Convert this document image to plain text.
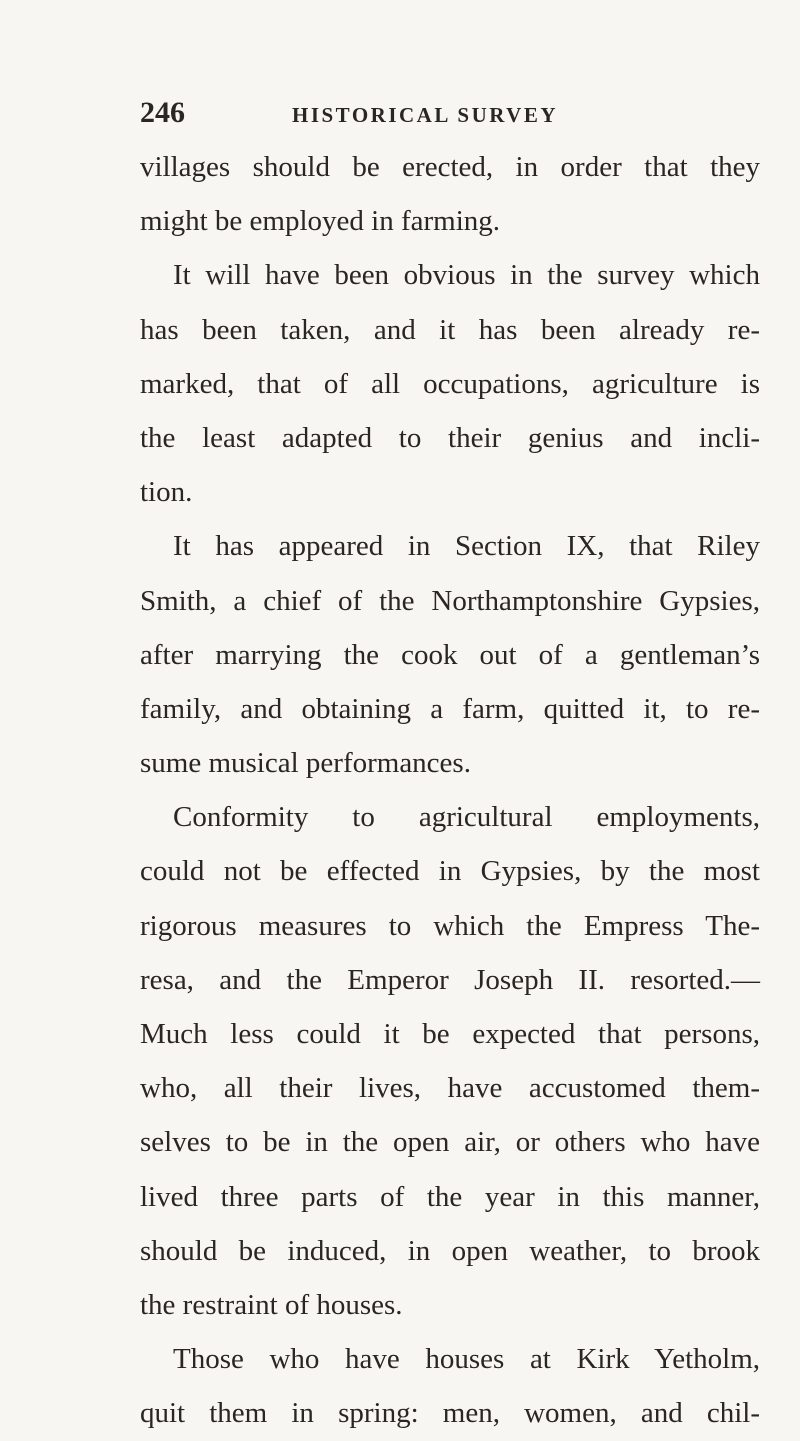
246	HISTORICAL SURVEY
villages should be erected, in order that they
might be employed in farming.
It will have been obvious in the survey which
has been taken, and it has been already re-
marked, that of all occupations, agriculture is
the least adapted to their genius and incli-
tion.
It has appeared in Section IX, that Riley
Smith, a chief of the Northamptonshire Gypsies,
after marrying the cook out of a gentleman’s
family, and obtaining a farm, quitted it, to re-
sume musical performances.
Conformity to agricultural employments,
could not be effected in Gypsies, by the most
rigorous measures to which the Empress The-
resa, and the Emperor Joseph II. resorted.—
Much less could it be expected that persons,
who, all their lives, have accustomed them-
selves to be in the open air, or others who have
lived three parts of the year in this manner,
should be induced, in open weather, to brook
the restraint of houses.
Those who have houses at Kirk Yetholm,
quit them in spring: men, women, and chil-
